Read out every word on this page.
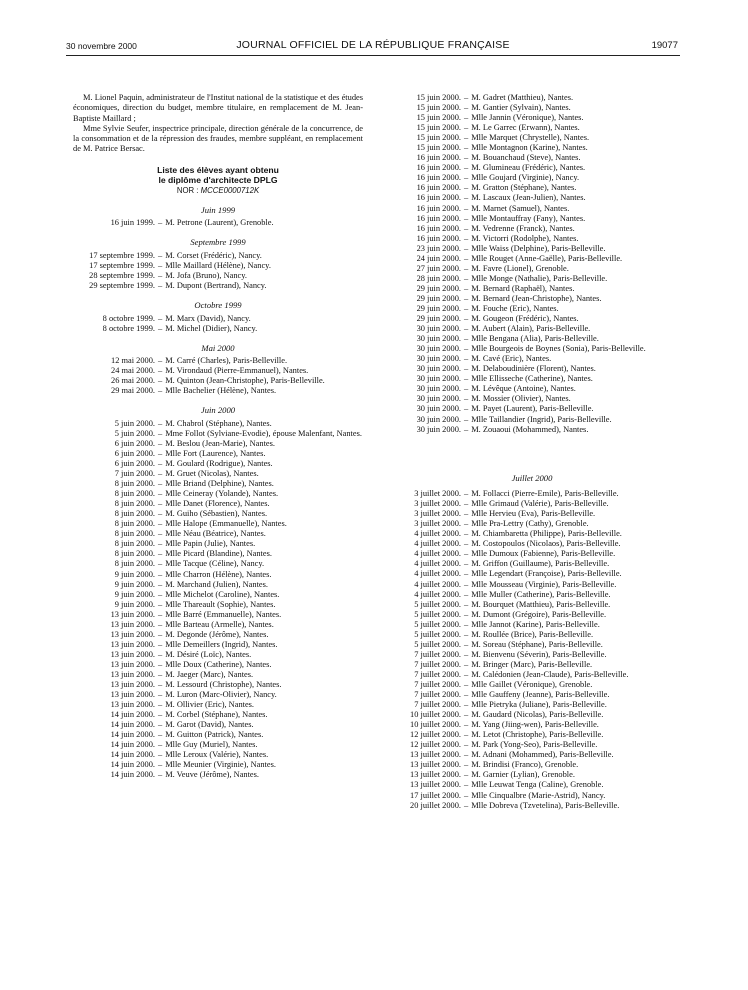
30 novembre 2000	JOURNAL OFFICIEL DE LA RÉPUBLIQUE FRANÇAISE	19077

M. Lionel Paquin, administrateur de l'Institut national de la statistique et des études économiques, direction du budget, membre titulaire, en remplacement de M. Jean-Baptiste Maillard ;

Mme Sylvie Seufer, inspectrice principale, direction générale de la concurrence, de la consommation et de la répression des fraudes, membre suppléant, en remplacement de M. Patrice Bersac.

Liste des élèves ayant obtenu
le diplôme d'architecte DPLG
NOR : MCCE0000712K
Juin 1999
16 juin 1999. – M. Petrone (Laurent), Grenoble.
Septembre 1999
17 septembre 1999. – M. Corset (Frédéric), Nancy.
17 septembre 1999. – Mlle Maillard (Hélène), Nancy.
28 septembre 1999. – M. Jofa (Bruno), Nancy.
29 septembre 1999. – M. Dupont (Bertrand), Nancy.
Octobre 1999
8 octobre 1999. – M. Marx (David), Nancy.
8 octobre 1999. – M. Michel (Didier), Nancy.
Mai 2000
12 mai 2000. – M. Carré (Charles), Paris-Belleville.
24 mai 2000. – M. Virondaud (Pierre-Emmanuel), Nantes.
26 mai 2000. – M. Quinton (Jean-Christophe), Paris-Belleville.
29 mai 2000. – Mlle Bachelier (Hélène), Nantes.
Juin 2000
5 juin 2000. – M. Chabrol (Stéphane), Nantes.
5 juin 2000. – Mme Follot (Sylviane-Evodie), épouse Malenfant, Nantes.
6 juin 2000. – M. Beslou (Jean-Marie), Nantes.
6 juin 2000. – Mlle Fort (Laurence), Nantes.
6 juin 2000. – M. Goulard (Rodrigue), Nantes.
7 juin 2000. – M. Gruet (Nicolas), Nantes.
8 juin 2000. – Mlle Briand (Delphine), Nantes.
8 juin 2000. – Mlle Ceineray (Yolande), Nantes.
8 juin 2000. – Mlle Danet (Florence), Nantes.
8 juin 2000. – M. Guiho (Sébastien), Nantes.
8 juin 2000. – Mlle Halope (Emmanuelle), Nantes.
8 juin 2000. – Mlle Néau (Béatrice), Nantes.
8 juin 2000. – Mlle Papin (Julie), Nantes.
8 juin 2000. – Mlle Picard (Blandine), Nantes.
8 juin 2000. – Mlle Tacque (Céline), Nancy.
9 juin 2000. – Mlle Charron (Hélène), Nantes.
9 juin 2000. – M. Marchand (Julien), Nantes.
9 juin 2000. – Mlle Michelot (Caroline), Nantes.
9 juin 2000. – Mlle Thareault (Sophie), Nantes.
13 juin 2000. – Mlle Barré (Emmanuelle), Nantes.
13 juin 2000. – Mlle Barteau (Armelle), Nantes.
13 juin 2000. – M. Degonde (Jérôme), Nantes.
13 juin 2000. – Mlle Demeillers (Ingrid), Nantes.
13 juin 2000. – M. Désiré (Loïc), Nantes.
13 juin 2000. – Mlle Doux (Catherine), Nantes.
13 juin 2000. – M. Jaeger (Marc), Nantes.
13 juin 2000. – M. Lessourd (Christophe), Nantes.
13 juin 2000. – M. Luron (Marc-Olivier), Nancy.
13 juin 2000. – M. Ollivier (Eric), Nantes.
14 juin 2000. – M. Corbel (Stéphane), Nantes.
14 juin 2000. – M. Garot (David), Nantes.
14 juin 2000. – M. Guitton (Patrick), Nantes.
14 juin 2000. – Mlle Guy (Muriel), Nantes.
14 juin 2000. – Mlle Leroux (Valérie), Nantes.
14 juin 2000. – Mlle Meunier (Virginie), Nantes.
14 juin 2000. – M. Veuve (Jérôme), Nantes.
15 juin 2000. – M. Gadret (Matthieu), Nantes.
15 juin 2000. – M. Gantier (Sylvain), Nantes.
15 juin 2000. – Mlle Jannin (Véronique), Nantes.
15 juin 2000. – M. Le Garrec (Erwann), Nantes.
15 juin 2000. – Mlle Marquet (Chrystelle), Nantes.
15 juin 2000. – Mlle Montagnon (Karine), Nantes.
16 juin 2000. – M. Bouanchaud (Steve), Nantes.
16 juin 2000. – M. Glumineau (Frédéric), Nantes.
16 juin 2000. – Mlle Goujard (Virginie), Nancy.
16 juin 2000. – M. Gratton (Stéphane), Nantes.
16 juin 2000. – M. Lascaux (Jean-Julien), Nantes.
16 juin 2000. – M. Marnet (Samuel), Nantes.
16 juin 2000. – Mlle Montauffray (Fany), Nantes.
16 juin 2000. – M. Vedrenne (Franck), Nantes.
16 juin 2000. – M. Victorri (Rodolphe), Nantes.
23 juin 2000. – Mlle Waiss (Delphine), Paris-Belleville.
24 juin 2000. – Mlle Rouget (Anne-Gaëlle), Paris-Belleville.
27 juin 2000. – M. Favre (Lionel), Grenoble.
28 juin 2000. – Mlle Monge (Nathalie), Paris-Belleville.
29 juin 2000. – M. Bernard (Raphaël), Nantes.
29 juin 2000. – M. Bernard (Jean-Christophe), Nantes.
29 juin 2000. – M. Fouche (Eric), Nantes.
29 juin 2000. – M. Gougeon (Frédéric), Nantes.
30 juin 2000. – M. Aubert (Alain), Paris-Belleville.
30 juin 2000. – Mlle Bengana (Alia), Paris-Belleville.
30 juin 2000. – Mlle Bourgeois de Boynes (Sonia), Paris-Belleville.
30 juin 2000. – M. Cavé (Eric), Nantes.
30 juin 2000. – M. Delaboudinière (Florent), Nantes.
30 juin 2000. – Mlle Ellisseche (Catherine), Nantes.
30 juin 2000. – M. Lévêque (Antoine), Nantes.
30 juin 2000. – M. Mossier (Olivier), Nantes.
30 juin 2000. – M. Payet (Laurent), Paris-Belleville.
30 juin 2000. – Mlle Taillandier (Ingrid), Paris-Belleville.
30 juin 2000. – M. Zouaoui (Mohammed), Nantes.
Juillet 2000
3 juillet 2000. – M. Follacci (Pierre-Emile), Paris-Belleville.
3 juillet 2000. – Mlle Grimaud (Valérie), Paris-Belleville.
3 juillet 2000. – Mlle Hervieu (Eva), Paris-Belleville.
3 juillet 2000. – Mlle Pra-Lettry (Cathy), Grenoble.
4 juillet 2000. – M. Chiambaretta (Philippe), Paris-Belleville.
4 juillet 2000. – M. Costopoulos (Nicolaos), Paris-Belleville.
4 juillet 2000. – Mlle Dumoux (Fabienne), Paris-Belleville.
4 juillet 2000. – M. Griffon (Guillaume), Paris-Belleville.
4 juillet 2000. – Mlle Legendart (Françoise), Paris-Belleville.
4 juillet 2000. – Mlle Mousseau (Virginie), Paris-Belleville.
4 juillet 2000. – Mlle Muller (Catherine), Paris-Belleville.
5 juillet 2000. – M. Bourquet (Matthieu), Paris-Belleville.
5 juillet 2000. – M. Dumont (Grégoire), Paris-Belleville.
5 juillet 2000. – Mlle Jannot (Karine), Paris-Belleville.
5 juillet 2000. – M. Roullée (Brice), Paris-Belleville.
5 juillet 2000. – M. Soreau (Stéphane), Paris-Belleville.
7 juillet 2000. – M. Bienvenu (Séverin), Paris-Belleville.
7 juillet 2000. – M. Bringer (Marc), Paris-Belleville.
7 juillet 2000. – M. Calédonien (Jean-Claude), Paris-Belleville.
7 juillet 2000. – Mlle Gaillet (Véronique), Grenoble.
7 juillet 2000. – Mlle Gauffeny (Jeanne), Paris-Belleville.
7 juillet 2000. – Mlle Pietryka (Juliane), Paris-Belleville.
10 juillet 2000. – M. Gaudard (Nicolas), Paris-Belleville.
10 juillet 2000. – M. Yang (Jiing-wen), Paris-Belleville.
12 juillet 2000. – M. Letot (Christophe), Paris-Belleville.
12 juillet 2000. – M. Park (Yong-Seo), Paris-Belleville.
13 juillet 2000. – M. Adnani (Mohammed), Paris-Belleville.
13 juillet 2000. – M. Brindisi (Franco), Grenoble.
13 juillet 2000. – M. Garnier (Lylian), Grenoble.
13 juillet 2000. – Mlle Leuwat Tenga (Caline), Grenoble.
17 juillet 2000. – Mlle Cinqualbre (Marie-Astrid), Nancy.
20 juillet 2000. – Mlle Dobreva (Tzvetelina), Paris-Belleville.
